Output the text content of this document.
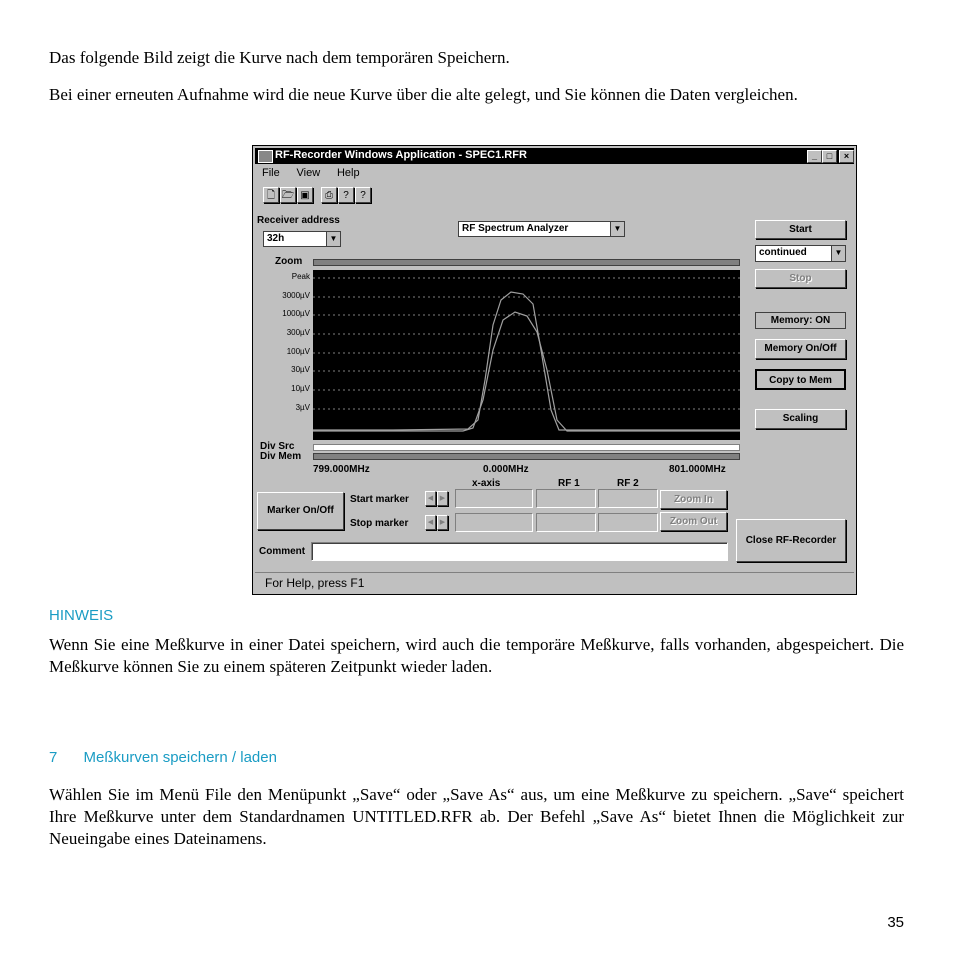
Das folgende Bild zeigt die Kurve nach dem temporären Speichern.

Bei einer erneuten Aufnahme wird die neue Kurve über die alte gelegt, und Sie können die Daten vergleichen.

RF-Recorder Windows Application - SPEC1.RFR	_	□	×
File View Help
🗋 🗁 ▣	⎙	?	?
Receiver address
32h	▼
RF Spectrum Analyzer	▼
Zoom
Peak
3000µV
1000µV
300µV
100µV
30µV
10µV
3µV
Div Src
Div Mem
799.000MHz	0.000MHz	801.000MHz
x-axis	RF 1	RF 2
Marker On/Off
Start marker	◀ ▶
Stop marker	◀ ▶
Zoom In
Zoom Out
Comment
Start
continued	▼
Stop
Memory: ON
Memory On/Off
Copy to Mem
Scaling
Close RF-Recorder
For Help, press F1
HINWEIS

Wenn Sie eine Meßkurve in einer Datei speichern, wird auch die temporäre Meßkurve, falls vorhanden, abgespeichert. Die Meßkurve können Sie zu einem späteren Zeitpunkt wieder laden.

7 Meßkurven speichern / laden

Wählen Sie im Menü File den Menüpunkt „Save“ oder „Save As“ aus, um eine Meßkurve zu speichern. „Save“ speichert Ihre Meßkurve unter dem Standardnamen UNTITLED.RFR ab. Der Befehl „Save As“ bietet Ihnen die Möglichkeit zur Neueingabe eines Dateinamens.

35
